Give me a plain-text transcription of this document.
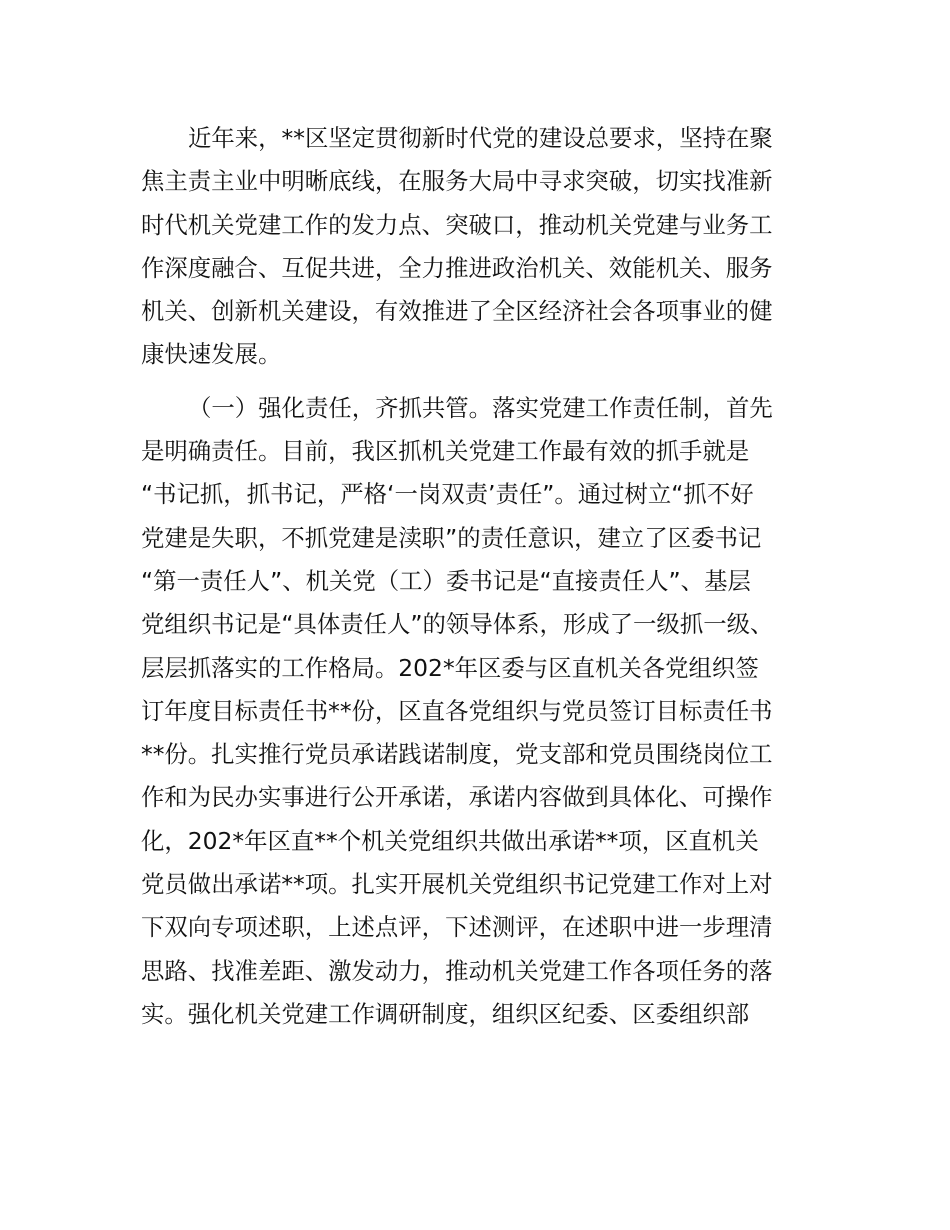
近年来，**区坚定贯彻新时代党的建设总要求，坚持在聚
焦主责主业中明晰底线，在服务大局中寻求突破，切实找准新
时代机关党建工作的发力点、突破口，推动机关党建与业务工
作深度融合、互促共进，全力推进政治机关、效能机关、服务
机关、创新机关建设，有效推进了全区经济社会各项事业的健
康快速发展。
（一）强化责任，齐抓共管。落实党建工作责任制，首先
是明确责任。目前，我区抓机关党建工作最有效的抓手就是
“书记抓，抓书记，严格‘一岗双责’责任”。通过树立“抓不好
党建是失职，不抓党建是渎职”的责任意识，建立了区委书记
“第一责任人”、机关党（工）委书记是“直接责任人”、基层
党组织书记是“具体责任人”的领导体系，形成了一级抓一级、
层层抓落实的工作格局。202*年区委与区直机关各党组织签
订年度目标责任书**份，区直各党组织与党员签订目标责任书
**份。扎实推行党员承诺践诺制度，党支部和党员围绕岗位工
作和为民办实事进行公开承诺，承诺内容做到具体化、可操作
化，202*年区直**个机关党组织共做出承诺**项，区直机关
党员做出承诺**项。扎实开展机关党组织书记党建工作对上对
下双向专项述职，上述点评，下述测评，在述职中进一步理清
思路、找准差距、激发动力，推动机关党建工作各项任务的落
实。强化机关党建工作调研制度，组织区纪委、区委组织部
